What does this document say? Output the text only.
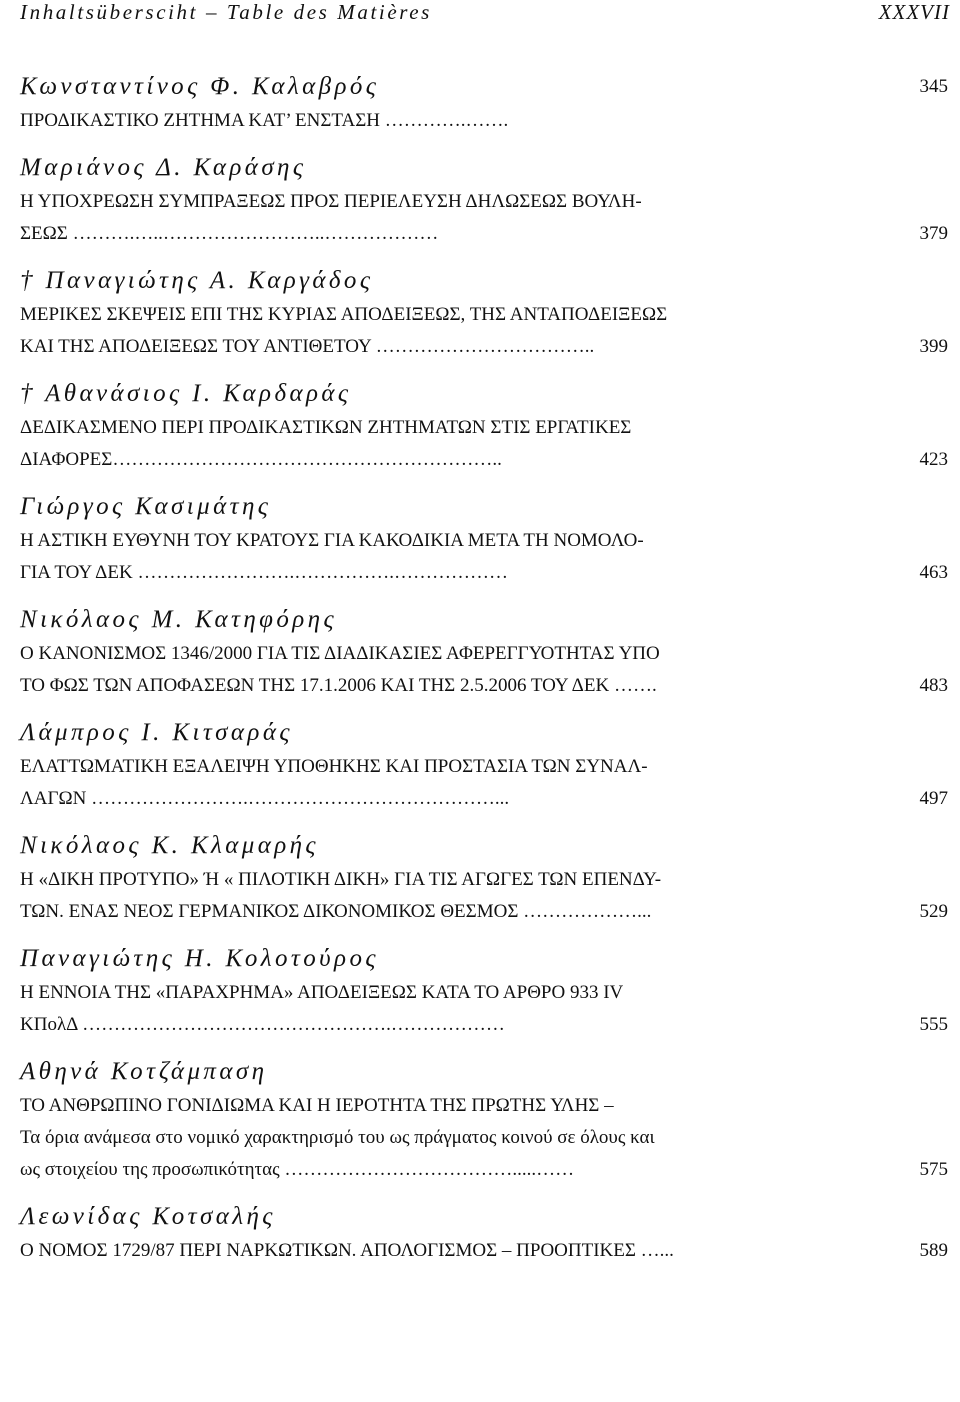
Inhaltsübersciht – Table des Matières	XXXVII
Κωνσταντίνος Φ. Καλαβρός	345
ΠΡΟΔΙΚΑΣΤΙΚΟ ΖΗΤΗΜΑ ΚΑΤ’ ΕΝΣΤΑΣΗ ………….…….
Μαριάνος Δ. Καράσης
Η ΥΠΟΧΡΕΩΣΗ ΣΥΜΠΡΑΞΕΩΣ ΠΡΟΣ ΠΕΡΙΕΛΕΥΣΗ ΔΗΛΩΣΕΩΣ ΒΟΥΛΗ-
ΣΕΩΣ ……….…..……………………..………………	379
† Παναγιώτης Α. Καργάδος
ΜΕΡΙΚΕΣ ΣΚΕΨΕΙΣ ΕΠΙ ΤΗΣ ΚΥΡΙΑΣ ΑΠΟΔΕΙΞΕΩΣ, ΤΗΣ ΑΝΤΑΠΟΔΕΙΞΕΩΣ
ΚΑΙ ΤΗΣ ΑΠΟΔΕΙΞΕΩΣ ΤΟΥ ΑΝΤΙΘΕΤΟΥ ……………………………..	399
† Αθανάσιος Ι. Καρδαράς
ΔΕΔΙΚΑΣΜΕΝΟ ΠΕΡΙ ΠΡΟΔΙΚΑΣΤΙΚΩΝ ΖΗΤΗΜΑΤΩΝ ΣΤΙΣ ΕΡΓΑΤΙΚΕΣ
ΔΙΑΦΟΡΕΣ……………………………………………………..	423
Γιώργος Κασιμάτης
Η ΑΣΤΙΚΗ ΕΥΘΥΝΗ ΤΟΥ ΚΡΑΤΟΥΣ ΓΙΑ ΚΑΚΟΔΙΚΙΑ ΜΕΤΑ ΤΗ ΝΟΜΟΛΟ-
ΓΙΑ ΤΟΥ ΔΕΚ …………………….…………….………………	463
Νικόλαος Μ. Κατηφόρης
Ο ΚΑΝΟΝΙΣΜΟΣ 1346/2000 ΓΙΑ ΤΙΣ ΔΙΑΔΙΚΑΣΙΕΣ ΑΦΕΡΕΓΓΥΟΤΗΤΑΣ ΥΠΟ
ΤΟ ΦΩΣ ΤΩΝ ΑΠΟΦΑΣΕΩΝ ΤΗΣ 17.1.2006 ΚΑΙ ΤΗΣ 2.5.2006 ΤΟΥ ΔΕΚ …….	483
Λάμπρος Ι. Κιτσαράς
ΕΛΑΤΤΩΜΑΤΙΚΗ ΕΞΑΛΕΙΨΗ ΥΠΟΘΗΚΗΣ ΚΑΙ ΠΡΟΣΤΑΣΙΑ ΤΩΝ ΣΥΝΑΛ-
ΛΑΓΩΝ …………………….…………………………………...	497
Νικόλαος Κ. Κλαμαρής
Η «ΔΙΚΗ ΠΡΟΤΥΠΟ» Ή « ΠΙΛΟΤΙΚΗ ΔΙΚΗ» ΓΙΑ ΤΙΣ ΑΓΩΓΕΣ ΤΩΝ ΕΠΕΝΔΥ-
ΤΩΝ. ΕΝΑΣ ΝΕΟΣ ΓΕΡΜΑΝΙΚΟΣ ΔΙΚΟΝΟΜΙΚΟΣ ΘΕΣΜΟΣ ………………...	529
Παναγιώτης Η. Κολοτούρος
Η ΕΝΝΟΙΑ ΤΗΣ «ΠΑΡΑΧΡΗΜΑ» ΑΠΟΔΕΙΞΕΩΣ ΚΑΤΑ ΤΟ ΑΡΘΡΟ 933 IV
ΚΠολΔ ………………………………………….………………	555
Αθηνά Κοτζάμπαση
ΤΟ ΑΝΘΡΩΠΙΝΟ ΓΟΝΙΔΙΩΜΑ ΚΑΙ Η ΙΕΡΟΤΗΤΑ ΤΗΣ ΠΡΩΤΗΣ ΥΛΗΣ –
Τα όρια ανάμεσα στο νομικό χαρακτηρισμό του ως πράγματος κοινού σε όλους και
ως στοιχείου της προσωπικότητας ……………………………….....……	575
Λεωνίδας Κοτσαλής
Ο ΝΟΜΟΣ 1729/87 ΠΕΡΙ ΝΑΡΚΩΤΙΚΩΝ. ΑΠΟΛΟΓΙΣΜΟΣ – ΠΡΟΟΠΤΙΚΕΣ …...	589
